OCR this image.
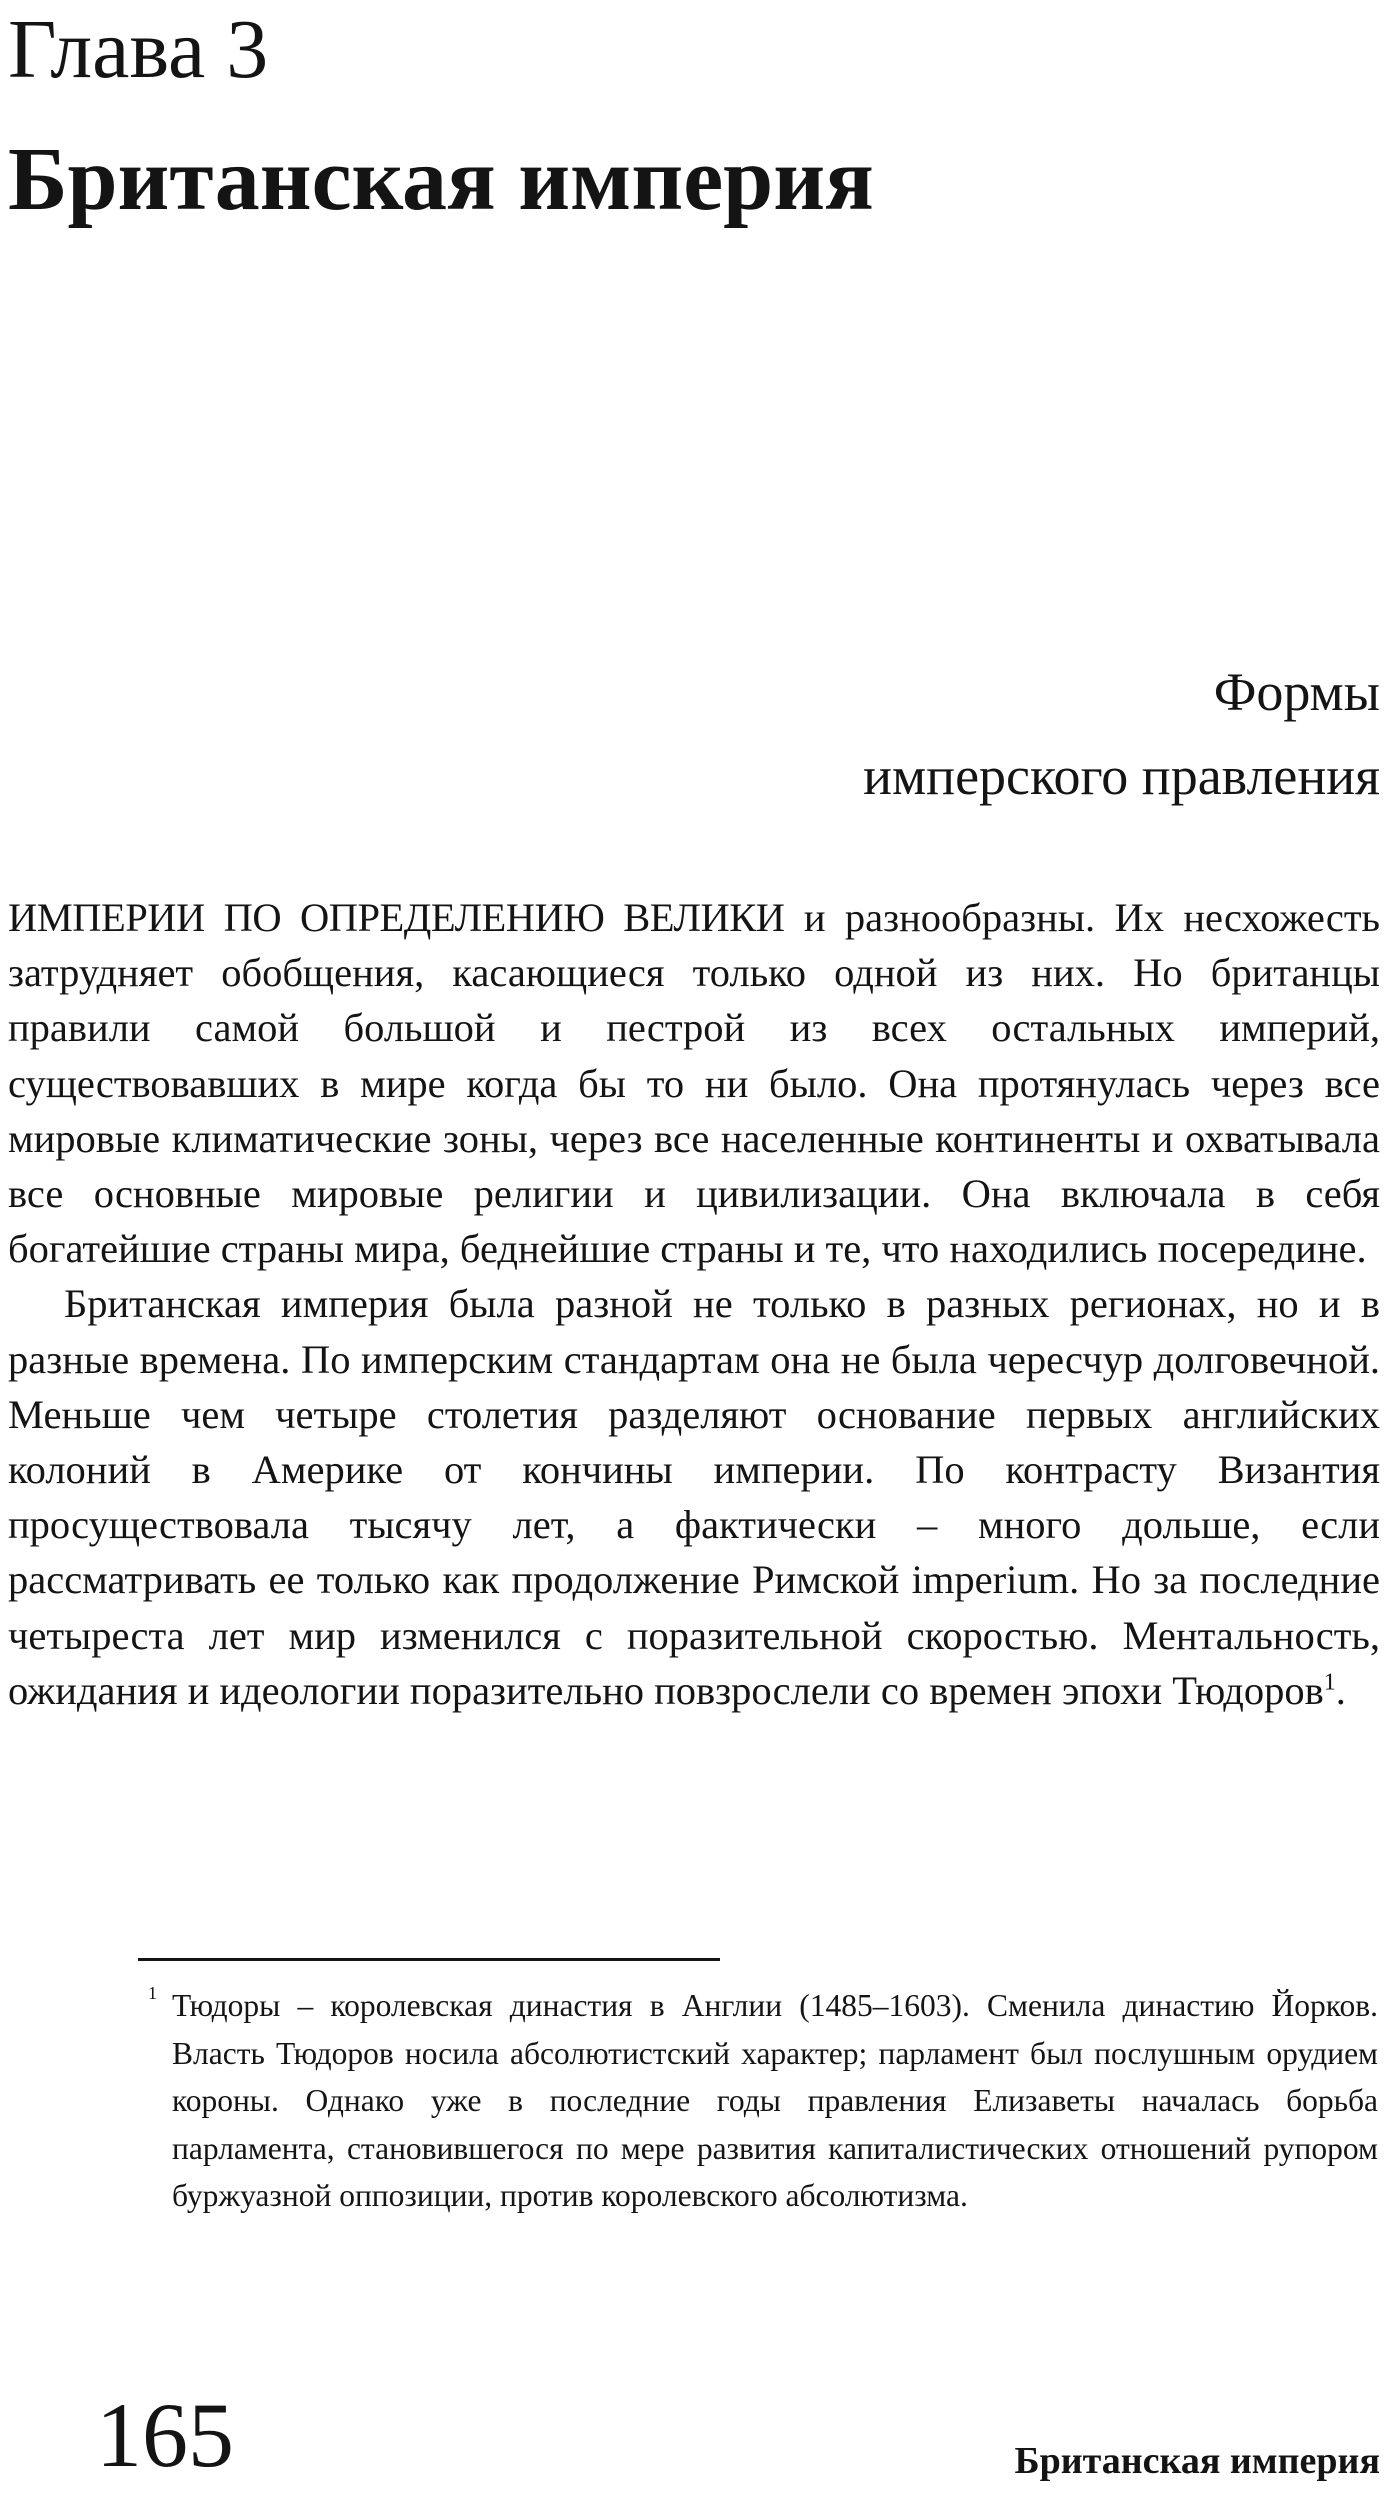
Глава 3
Британская империя
Формы
имперского правления

ИМПЕРИИ ПО ОПРЕДЕЛЕНИЮ ВЕЛИКИ и разнообразны. Их несхожесть затрудняет обобщения, касающиеся только одной из них. Но британцы правили самой большой и пестрой из всех остальных империй, существовавших в мире когда бы то ни было. Она протянулась через все мировые климатические зоны, через все населенные континенты и охватывала все основные мировые религии и цивилизации. Она включала в себя богатейшие страны мира, беднейшие страны и те, что находились посередине.

Британская империя была разной не только в разных регионах, но и в разные времена. По имперским стандартам она не была чересчур долговечной. Меньше чем четыре столетия разделяют основание первых английских колоний в Америке от кончины империи. По контрасту Византия просуществовала тысячу лет, а фактически – много дольше, если рассматривать ее только как продолжение Римской imperium. Но за последние четыреста лет мир изменился с поразительной скоростью. Ментальность, ожидания и идеологии поразительно повзрослели со времен эпохи Тюдоров$^1$.

1 Тюдоры – королевская династия в Англии (1485–1603). Сменила династию Йорков. Власть Тюдоров носила абсолютистский характер; парламент был послушным орудием короны. Однако уже в последние годы правления Елизаветы началась борьба парламента, становившегося по мере развития капиталистических отношений рупором буржуазной оппозиции, против королевского абсолютизма.
165	Британская империя
